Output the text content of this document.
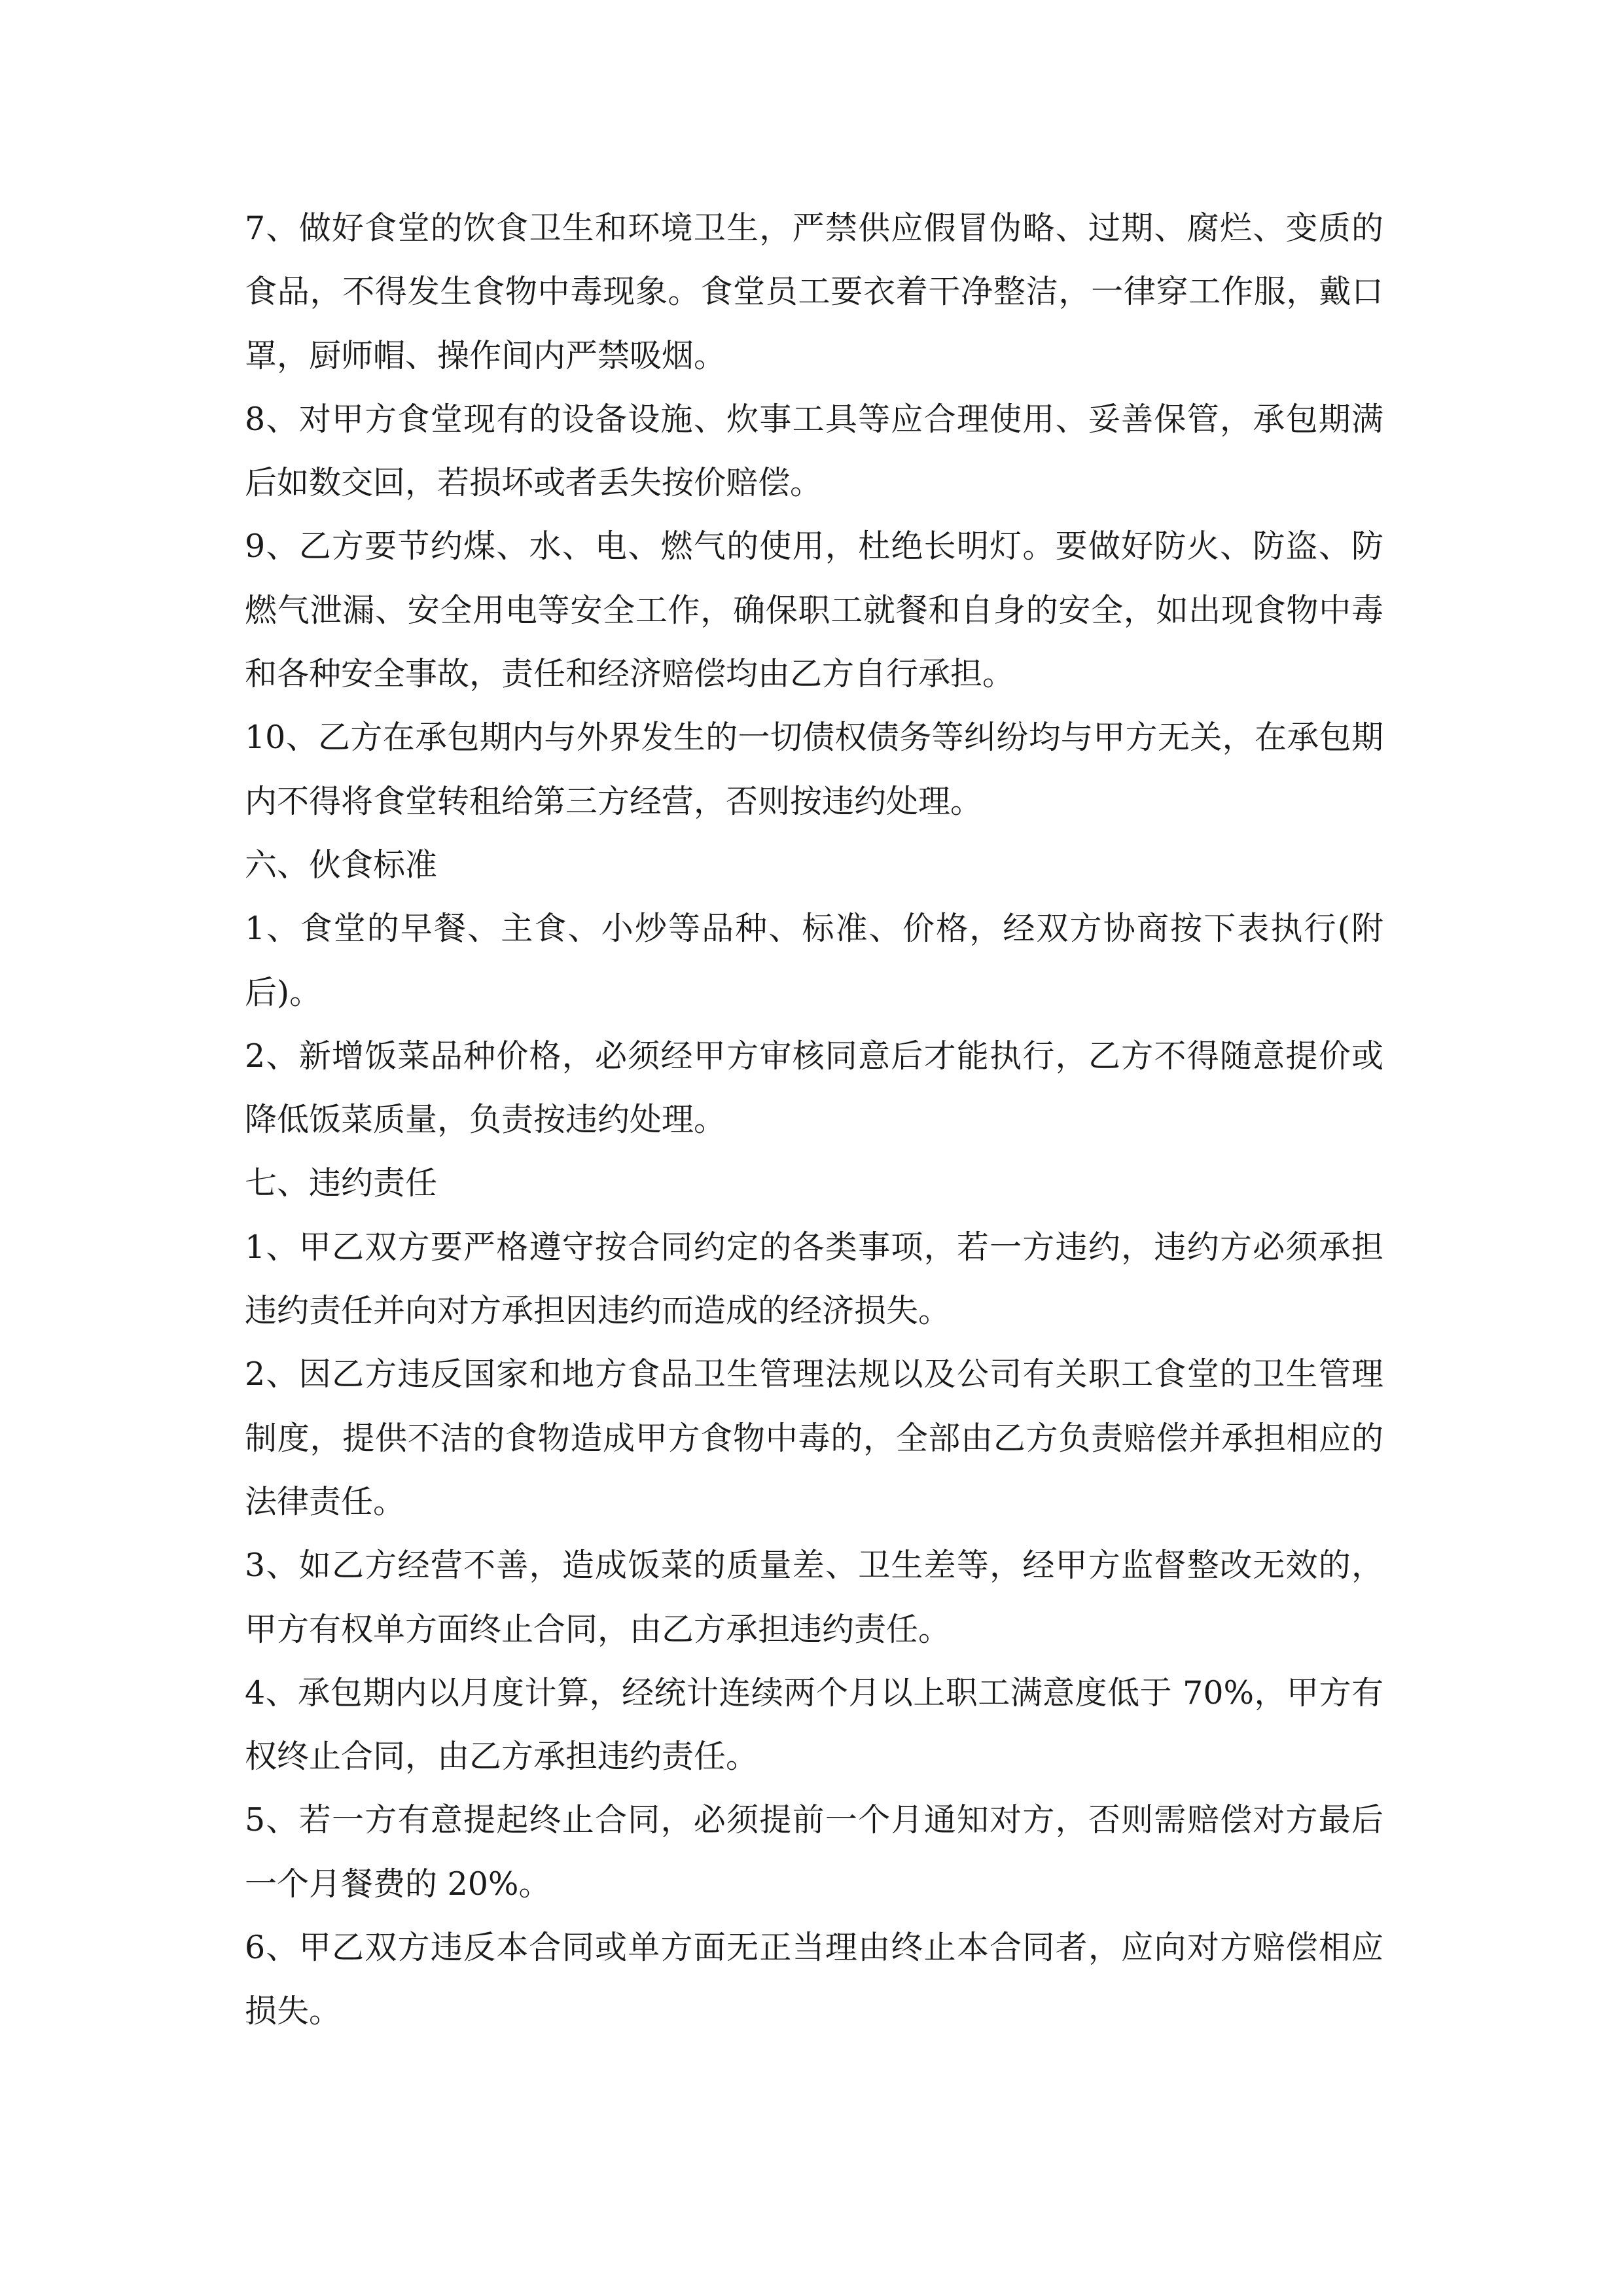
7、做好食堂的饮食卫生和环境卫生，严禁供应假冒伪略、过期、腐烂、变质的食品，不得发生食物中毒现象。食堂员工要衣着干净整洁，一律穿工作服，戴口罩，厨师帽、操作间内严禁吸烟。

8、对甲方食堂现有的设备设施、炊事工具等应合理使用、妥善保管，承包期满后如数交回，若损坏或者丢失按价赔偿。

9、乙方要节约煤、水、电、燃气的使用，杜绝长明灯。要做好防火、防盗、防燃气泄漏、安全用电等安全工作，确保职工就餐和自身的安全，如出现食物中毒和各种安全事故，责任和经济赔偿均由乙方自行承担。

10、乙方在承包期内与外界发生的一切债权债务等纠纷均与甲方无关，在承包期内不得将食堂转租给第三方经营，否则按违约处理。

六、伙食标准

1、食堂的早餐、主食、小炒等品种、标准、价格，经双方协商按下表执行(附后)。

2、新增饭菜品种价格，必须经甲方审核同意后才能执行，乙方不得随意提价或降低饭菜质量，负责按违约处理。

七、违约责任

1、甲乙双方要严格遵守按合同约定的各类事项，若一方违约，违约方必须承担违约责任并向对方承担因违约而造成的经济损失。

2、因乙方违反国家和地方食品卫生管理法规以及公司有关职工食堂的卫生管理制度，提供不洁的食物造成甲方食物中毒的，全部由乙方负责赔偿并承担相应的法律责任。

3、如乙方经营不善，造成饭菜的质量差、卫生差等，经甲方监督整改无效的，甲方有权单方面终止合同，由乙方承担违约责任。

4、承包期内以月度计算，经统计连续两个月以上职工满意度低于 70%，甲方有权终止合同，由乙方承担违约责任。

5、若一方有意提起终止合同，必须提前一个月通知对方，否则需赔偿对方最后一个月餐费的 20%。

6、甲乙双方违反本合同或单方面无正当理由终止本合同者，应向对方赔偿相应损失。
